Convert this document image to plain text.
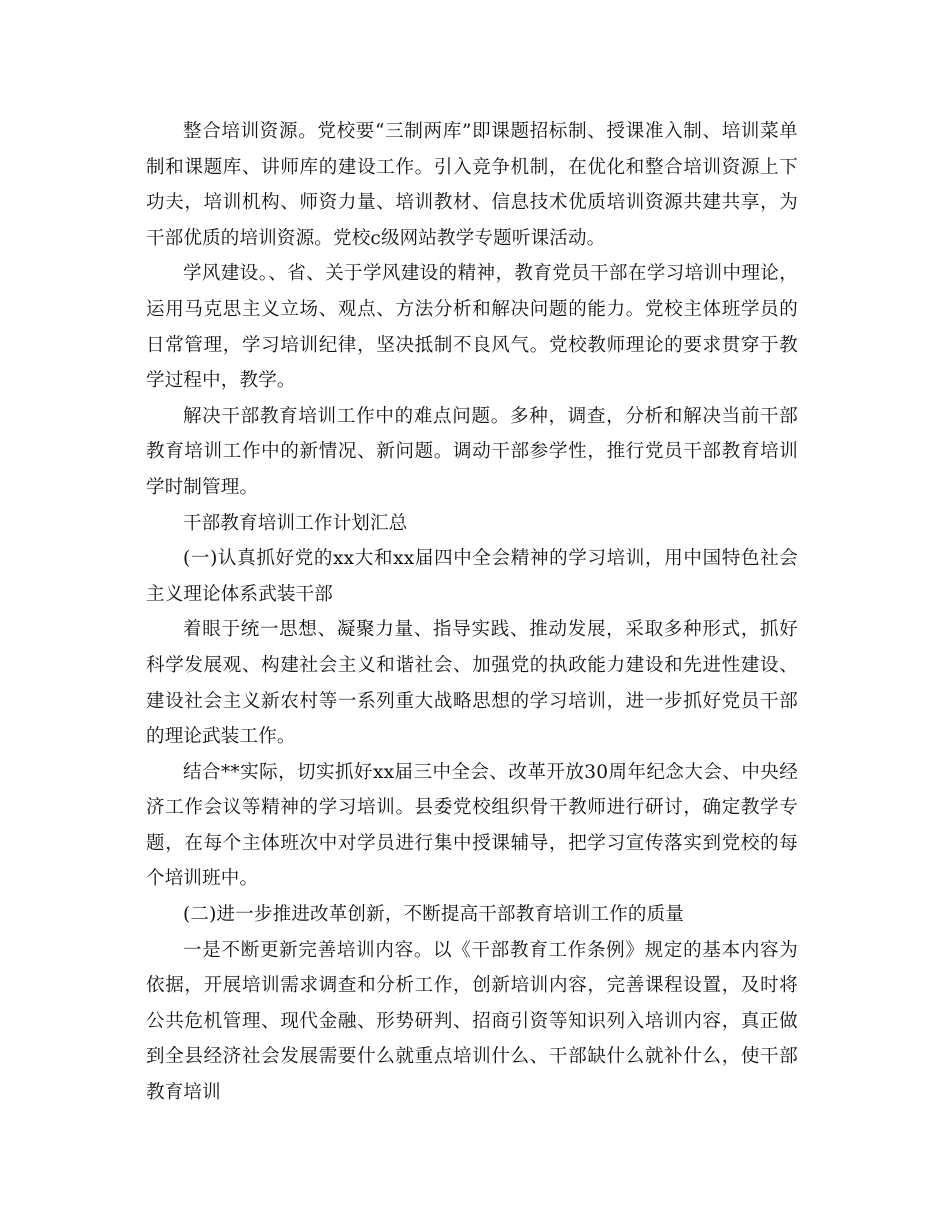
整合培训资源。党校要“三制两库”即课题招标制、授课准入制、培训菜单制和课题库、讲师库的建设工作。引入竞争机制，在优化和整合培训资源上下功夫，培训机构、师资力量、培训教材、信息技术优质培训资源共建共享，为干部优质的培训资源。党校c级网站教学专题听课活动。

学风建设。、省、关于学风建设的精神，教育党员干部在学习培训中理论，运用马克思主义立场、观点、方法分析和解决问题的能力。党校主体班学员的日常管理，学习培训纪律，坚决抵制不良风气。党校教师理论的要求贯穿于教学过程中，教学。

解决干部教育培训工作中的难点问题。多种，调查，分析和解决当前干部教育培训工作中的新情况、新问题。调动干部参学性，推行党员干部教育培训学时制管理。

干部教育培训工作计划汇总

(一)认真抓好党的xx大和xx届四中全会精神的学习培训，用中国特色社会主义理论体系武装干部

着眼于统一思想、凝聚力量、指导实践、推动发展，采取多种形式，抓好科学发展观、构建社会主义和谐社会、加强党的执政能力建设和先进性建设、建设社会主义新农村等一系列重大战略思想的学习培训，进一步抓好党员干部的理论武装工作。

结合**实际，切实抓好xx届三中全会、改革开放30周年纪念大会、中央经济工作会议等精神的学习培训。县委党校组织骨干教师进行研讨，确定教学专题，在每个主体班次中对学员进行集中授课辅导，把学习宣传落实到党校的每个培训班中。

(二)进一步推进改革创新，不断提高干部教育培训工作的质量

一是不断更新完善培训内容。以《干部教育工作条例》规定的基本内容为依据，开展培训需求调查和分析工作，创新培训内容，完善课程设置，及时将公共危机管理、现代金融、形势研判、招商引资等知识列入培训内容，真正做到全县经济社会发展需要什么就重点培训什么、干部缺什么就补什么，使干部教育培训
